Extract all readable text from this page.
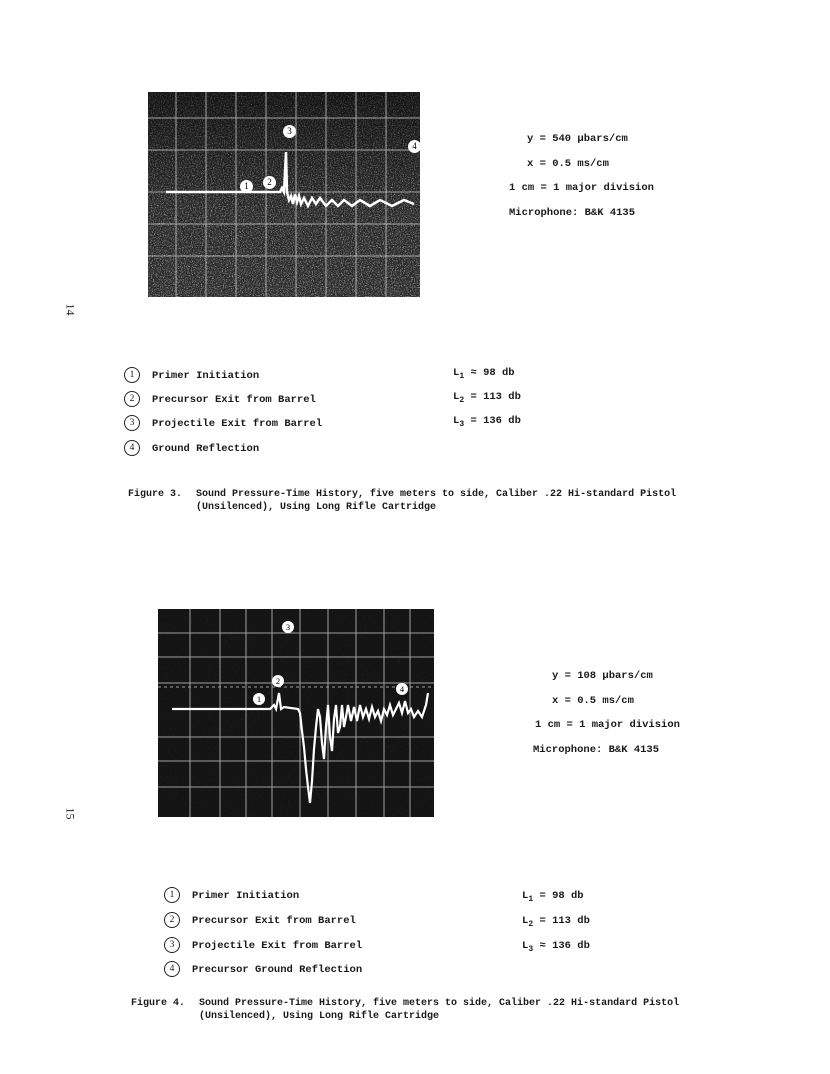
14
15
1	2
3
4
y = 540 µbars/cm
x = 0.5 ms/cm
1 cm = 1 major division
Microphone: B&K 4135
1 Primer Initiation
2 Precursor Exit from Barrel
3 Projectile Exit from Barrel
4 Ground Reflection
$L_1 \approx 98$ db
$L_2 = 113$ db
$L_3 = 136$ db
Figure 3. Sound Pressure-Time History, five meters to side, Caliber .22 Hi-standard Pistol
(Unsilenced), Using Long Rifle Cartridge
1
2
3
4
y = 108 µbars/cm
x = 0.5 ms/cm
1 cm = 1 major division
Microphone: B&K 4135
1 Primer Initiation
2 Precursor Exit from Barrel
3 Projectile Exit from Barrel
4 Precursor Ground Reflection
$L_1 = 98$ db
$L_2 = 113$ db
$L_3 \approx 136$ db
Figure 4. Sound Pressure-Time History, five meters to side, Caliber .22 Hi-standard Pistol
(Unsilenced), Using Long Rifle Cartridge
